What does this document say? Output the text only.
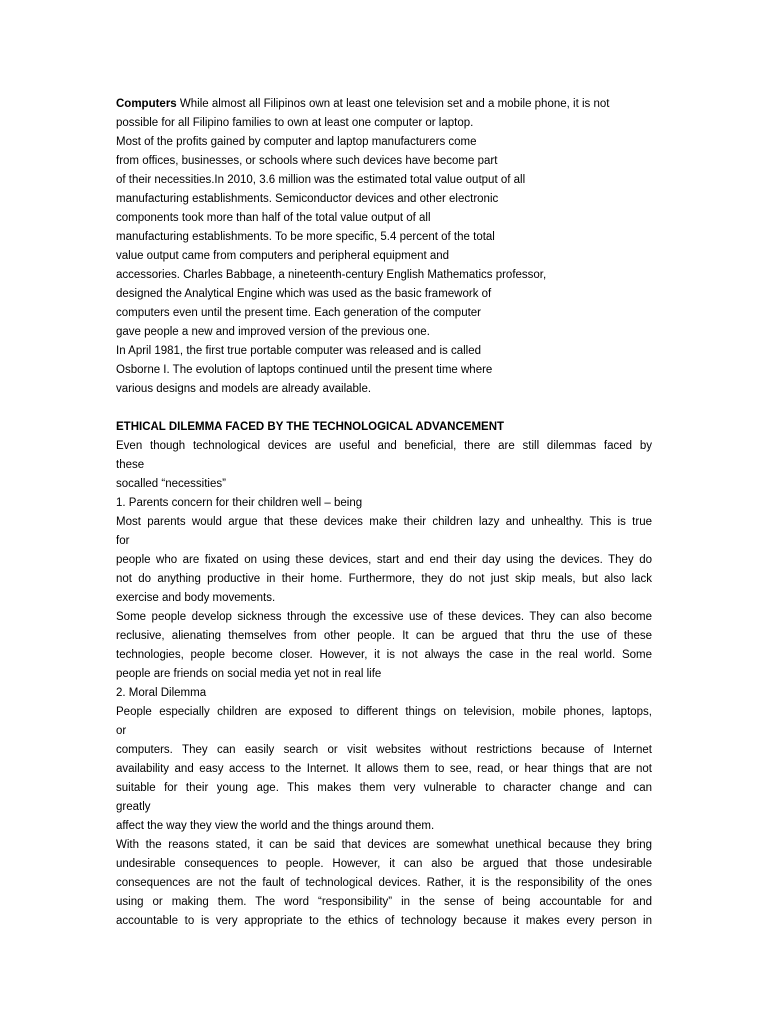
Computers While almost all Filipinos own at least one television set and a mobile phone, it is not
possible for all Filipino families to own at least one computer or laptop.
Most of the profits gained by computer and laptop manufacturers come
from offices, businesses, or schools where such devices have become part
of their necessities.In 2010, 3.6 million was the estimated total value output of all
manufacturing establishments. Semiconductor devices and other electronic
components took more than half of the total value output of all
manufacturing establishments. To be more specific, 5.4 percent of the total
value output came from computers and peripheral equipment and
accessories. Charles Babbage, a nineteenth-century English Mathematics professor,
designed the Analytical Engine which was used as the basic framework of
computers even until the present time. Each generation of the computer
gave people a new and improved version of the previous one.
In April 1981, the first true portable computer was released and is called
Osborne I. The evolution of laptops continued until the present time where
various designs and models are already available.
ETHICAL DILEMMA FACED BY THE TECHNOLOGICAL ADVANCEMENT
Even though technological devices are useful and beneficial, there are still dilemmas faced by
these
socalled “necessities”
1. Parents concern for their children well – being
Most parents would argue that these devices make their children lazy and unhealthy. This is true
for
people who are fixated on using these devices, start and end their day using the devices. They do
not do anything productive in their home. Furthermore, they do not just skip meals, but also lack
exercise and body movements.
Some people develop sickness through the excessive use of these devices. They can also become
reclusive, alienating themselves from other people. It can be argued that thru the use of these
technologies, people become closer. However, it is not always the case in the real world. Some
people are friends on social media yet not in real life
2. Moral Dilemma
People especially children are exposed to different things on television, mobile phones, laptops,
or
computers. They can easily search or visit websites without restrictions because of Internet
availability and easy access to the Internet. It allows them to see, read, or hear things that are not
suitable for their young age. This makes them very vulnerable to character change and can
greatly
affect the way they view the world and the things around them.
With the reasons stated, it can be said that devices are somewhat unethical because they bring
undesirable consequences to people. However, it can also be argued that those undesirable
consequences are not the fault of technological devices. Rather, it is the responsibility of the ones
using or making them. The word “responsibility” in the sense of being accountable for and
accountable to is very appropriate to the ethics of technology because it makes every person in
